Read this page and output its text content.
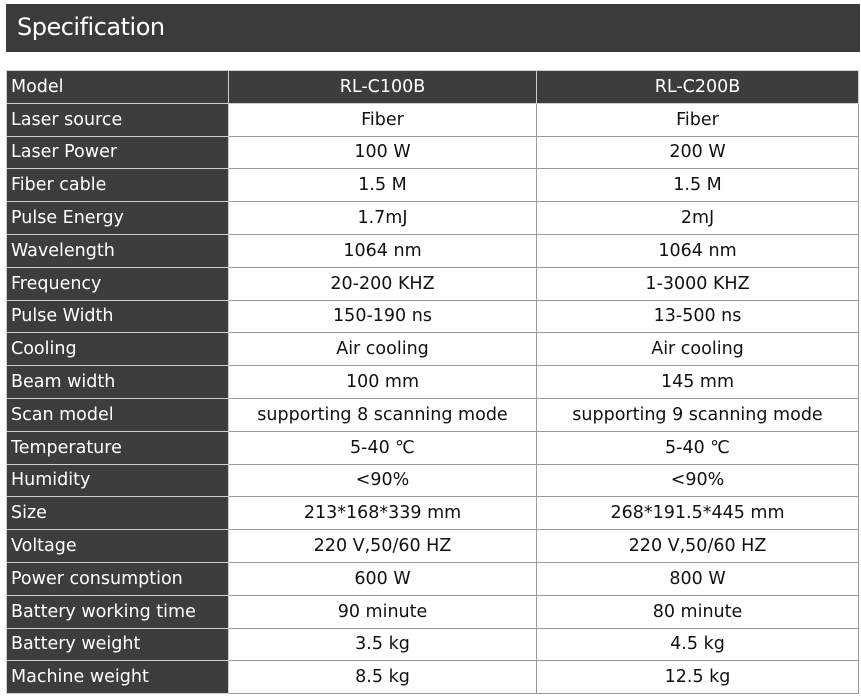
Specification
Model	RL-C100B	RL-C200B
Laser source	Fiber	Fiber
Laser Power	100 W	200 W
Fiber cable	1.5 M	1.5 M
Pulse Energy	1.7mJ	2mJ
Wavelength	1064 nm	1064 nm
Frequency	20-200 KHZ	1-3000 KHZ
Pulse Width	150-190 ns	13-500 ns
Cooling	Air cooling	Air cooling
Beam width	100 mm	145 mm
Scan model	supporting 8 scanning mode	supporting 9 scanning mode
Temperature	5-40 ℃	5-40 ℃
Humidity	<90%	<90%
Size	213*168*339 mm	268*191.5*445 mm
Voltage	220 V,50/60 HZ	220 V,50/60 HZ
Power consumption	600 W	800 W
Battery working time	90 minute	80 minute
Battery weight	3.5 kg	4.5 kg
Machine weight	8.5 kg	12.5 kg
